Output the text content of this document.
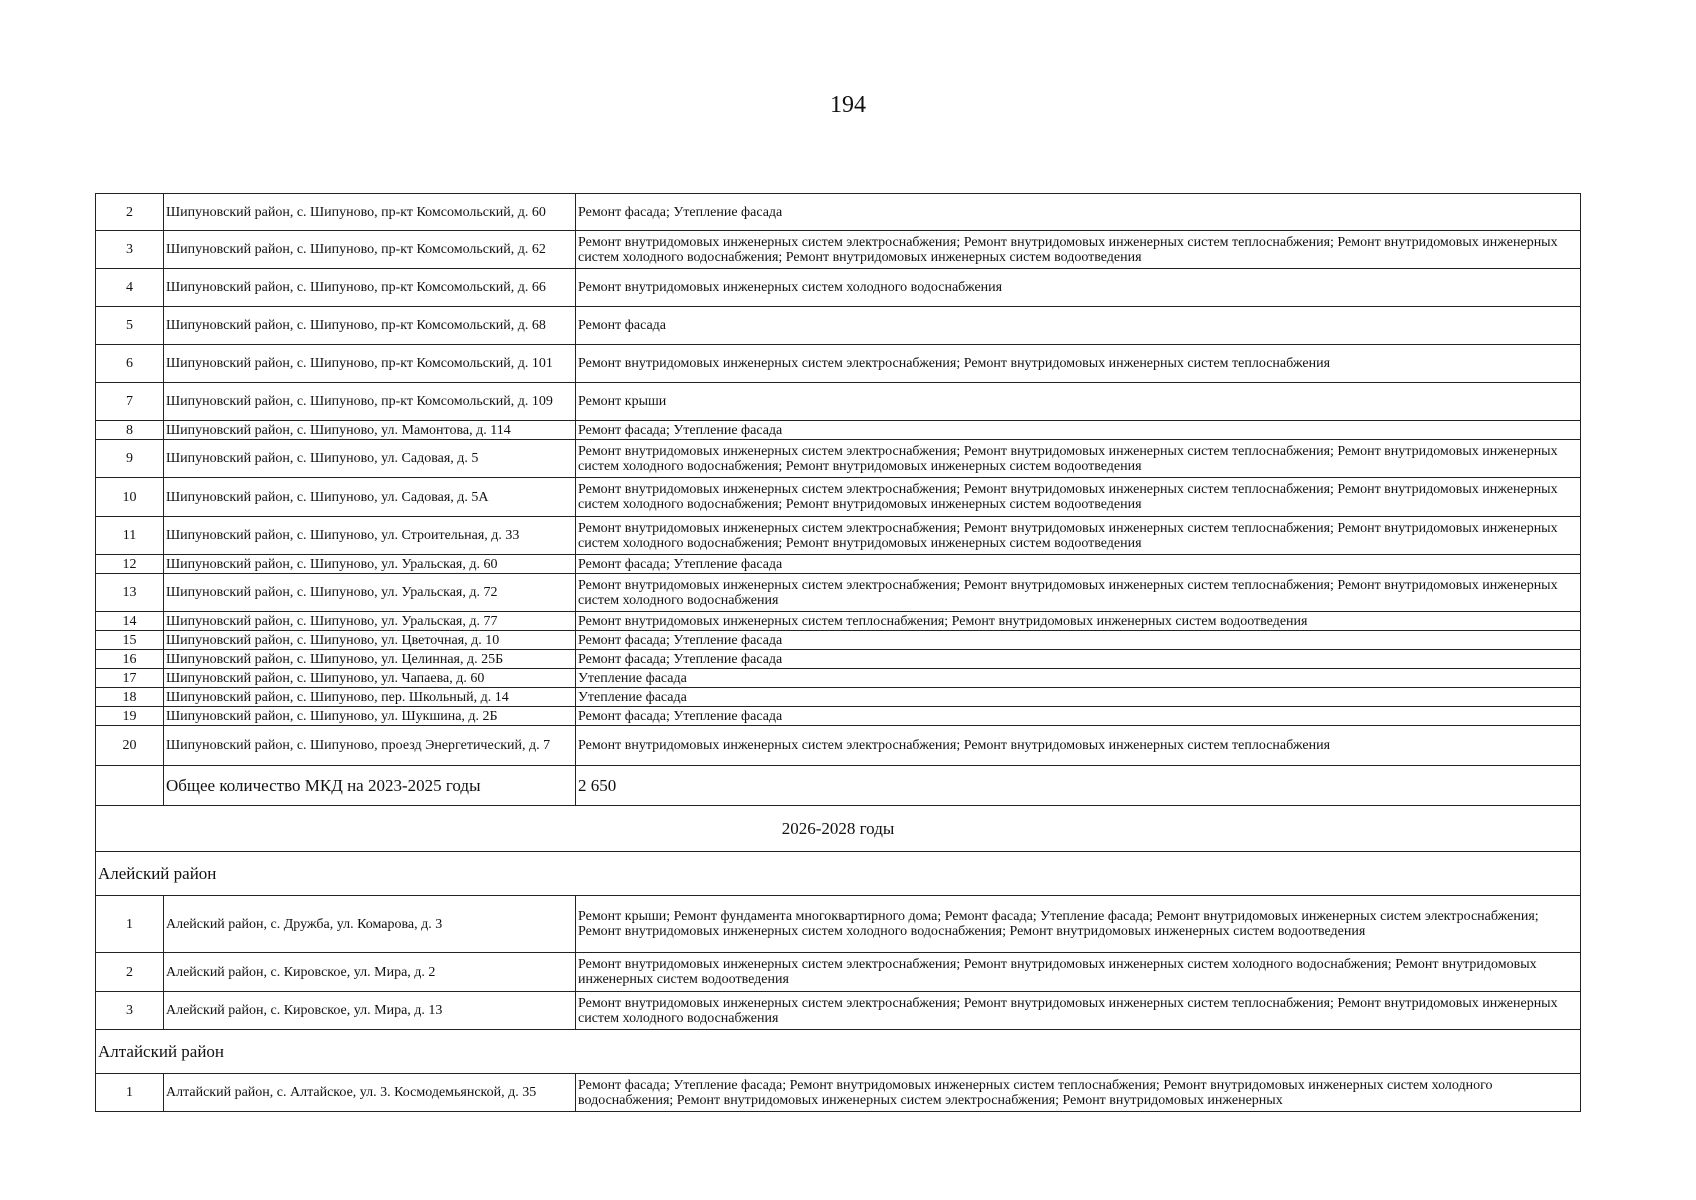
194
2	Шипуновский район, с. Шипуново, пр-кт Комсомольский, д. 60	Ремонт фасада; Утепление фасада
3	Шипуновский район, с. Шипуново, пр-кт Комсомольский, д. 62	Ремонт внутридомовых инженерных систем электроснабжения; Ремонт внутридомовых инженерных систем теплоснабжения; Ремонт внутридомовых инженерных систем холодного водоснабжения; Ремонт внутридомовых инженерных систем водоотведения
4	Шипуновский район, с. Шипуново, пр-кт Комсомольский, д. 66	Ремонт внутридомовых инженерных систем холодного водоснабжения
5	Шипуновский район, с. Шипуново, пр-кт Комсомольский, д. 68	Ремонт фасада
6	Шипуновский район, с. Шипуново, пр-кт Комсомольский, д. 101	Ремонт внутридомовых инженерных систем электроснабжения; Ремонт внутридомовых инженерных систем теплоснабжения
7	Шипуновский район, с. Шипуново, пр-кт Комсомольский, д. 109	Ремонт крыши
8	Шипуновский район, с. Шипуново, ул. Мамонтова, д. 114	Ремонт фасада; Утепление фасада
9	Шипуновский район, с. Шипуново, ул. Садовая, д. 5	Ремонт внутридомовых инженерных систем электроснабжения; Ремонт внутридомовых инженерных систем теплоснабжения; Ремонт внутридомовых инженерных систем холодного водоснабжения; Ремонт внутридомовых инженерных систем водоотведения
10	Шипуновский район, с. Шипуново, ул. Садовая, д. 5А	Ремонт внутридомовых инженерных систем электроснабжения; Ремонт внутридомовых инженерных систем теплоснабжения; Ремонт внутридомовых инженерных систем холодного водоснабжения; Ремонт внутридомовых инженерных систем водоотведения
11	Шипуновский район, с. Шипуново, ул. Строительная, д. 33	Ремонт внутридомовых инженерных систем электроснабжения; Ремонт внутридомовых инженерных систем теплоснабжения; Ремонт внутридомовых инженерных систем холодного водоснабжения; Ремонт внутридомовых инженерных систем водоотведения
12	Шипуновский район, с. Шипуново, ул. Уральская, д. 60	Ремонт фасада; Утепление фасада
13	Шипуновский район, с. Шипуново, ул. Уральская, д. 72	Ремонт внутридомовых инженерных систем электроснабжения; Ремонт внутридомовых инженерных систем теплоснабжения; Ремонт внутридомовых инженерных систем холодного водоснабжения
14	Шипуновский район, с. Шипуново, ул. Уральская, д. 77	Ремонт внутридомовых инженерных систем теплоснабжения; Ремонт внутридомовых инженерных систем водоотведения
15	Шипуновский район, с. Шипуново, ул. Цветочная, д. 10	Ремонт фасада; Утепление фасада
16	Шипуновский район, с. Шипуново, ул. Целинная, д. 25Б	Ремонт фасада; Утепление фасада
17	Шипуновский район, с. Шипуново, ул. Чапаева, д. 60	Утепление фасада
18	Шипуновский район, с. Шипуново, пер. Школьный, д. 14	Утепление фасада
19	Шипуновский район, с. Шипуново, ул. Шукшина, д. 2Б	Ремонт фасада; Утепление фасада
20	Шипуновский район, с. Шипуново, проезд Энергетический, д. 7	Ремонт внутридомовых инженерных систем электроснабжения; Ремонт внутридомовых инженерных систем теплоснабжения
	Общее количество МКД на 2023-2025 годы	2 650
2026-2028 годы		
Алейский район		
1	Алейский район, с. Дружба, ул. Комарова, д. 3	Ремонт крыши; Ремонт фундамента многоквартирного дома; Ремонт фасада; Утепление фасада; Ремонт внутридомовых инженерных систем электроснабжения; Ремонт внутридомовых инженерных систем холодного водоснабжения; Ремонт внутридомовых инженерных систем водоотведения
2	Алейский район, с. Кировское, ул. Мира, д. 2	Ремонт внутридомовых инженерных систем электроснабжения; Ремонт внутридомовых инженерных систем холодного водоснабжения; Ремонт внутридомовых инженерных систем водоотведения
3	Алейский район, с. Кировское, ул. Мира, д. 13	Ремонт внутридомовых инженерных систем электроснабжения; Ремонт внутридомовых инженерных систем теплоснабжения; Ремонт внутридомовых инженерных систем холодного водоснабжения
Алтайский район		
1	Алтайский район, с. Алтайское, ул. 3. Космодемьянской, д. 35	Ремонт фасада; Утепление фасада; Ремонт внутридомовых инженерных систем теплоснабжения; Ремонт внутридомовых инженерных систем холодного водоснабжения; Ремонт внутридомовых инженерных систем электроснабжения; Ремонт внутридомовых инженерных
